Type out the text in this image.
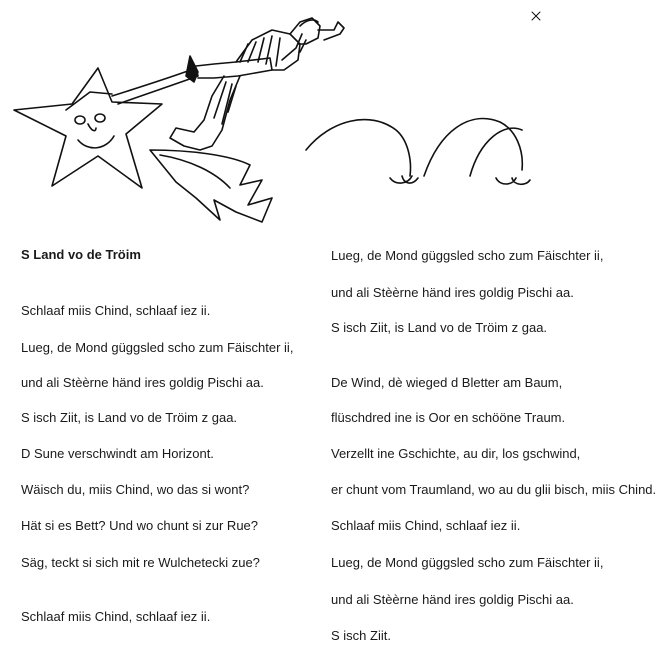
S Land vo de Tröim
Schlaaf miis Chind, schlaaf iez ii.
Lueg, de Mond güggsled scho zum Fäischter ii,
und ali Stèèrne händ ires goldig Pischi aa.
S isch Ziit, is Land vo de Tröim z gaa.
D Sune verschwindt am Horizont.
Wäisch du, miis Chind, wo das si wont?
Hät si es Bett? Und wo chunt si zur Rue?
Säg, teckt si sich mit re Wulchetecki zue?
Schlaaf miis Chind, schlaaf iez ii.
Lueg, de Mond güggsled scho zum Fäischter ii,
und ali Stèèrne händ ires goldig Pischi aa.
S isch Ziit, is Land vo de Tröim z gaa.
De Wind, dè wieged d Bletter am Baum,
flüschdred ine is Oor en schööne Traum.
Verzellt ine Gschichte, au dir, los gschwind,
er chunt vom Traumland, wo au du glii bisch, miis Chind.
Schlaaf miis Chind, schlaaf iez ii.
Lueg, de Mond güggsled scho zum Fäischter ii,
und ali Stèèrne händ ires goldig Pischi aa.
S isch Ziit.
